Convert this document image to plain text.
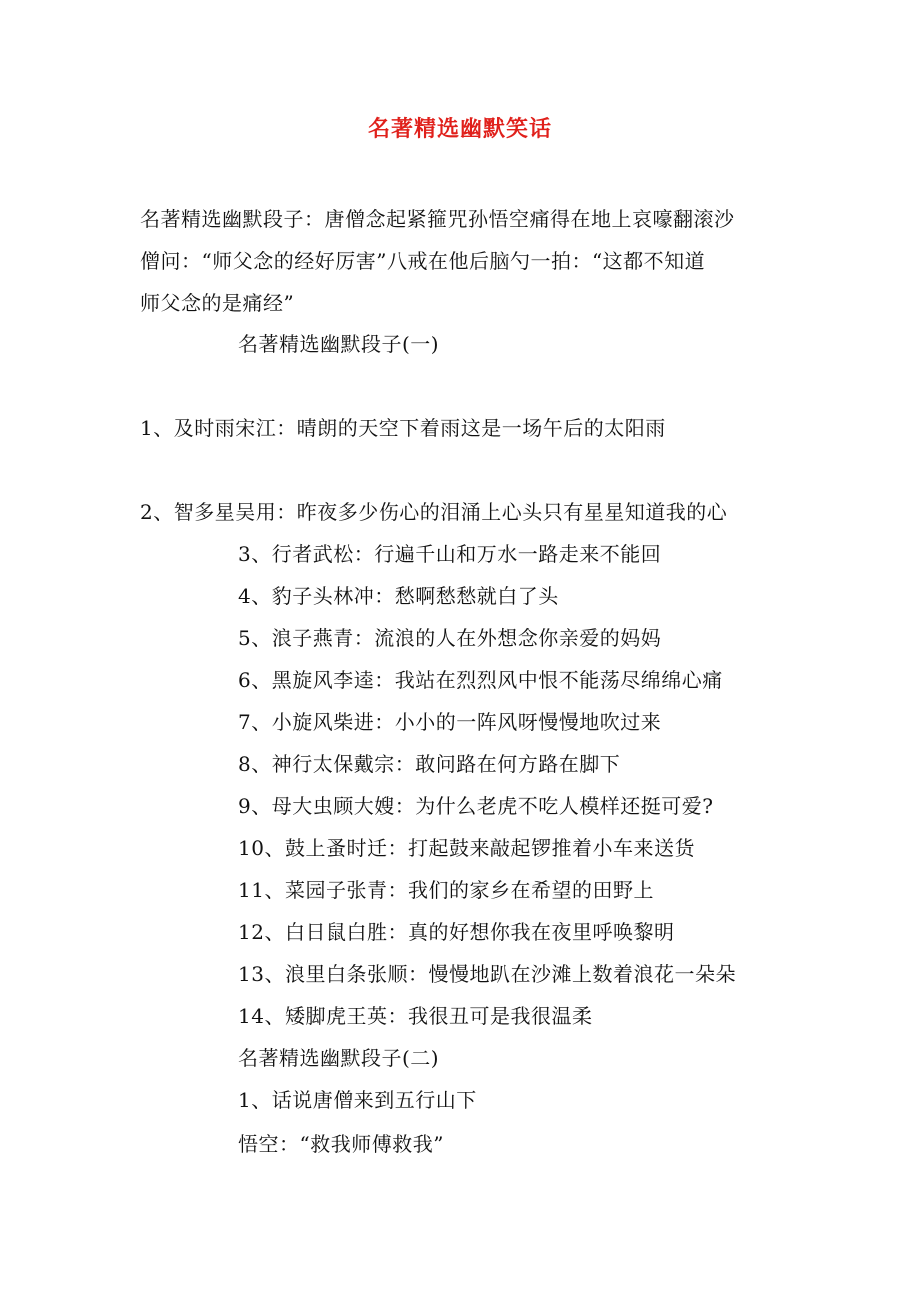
名著精选幽默笑话
名著精选幽默段子：唐僧念起紧箍咒孙悟空痛得在地上哀嚎翻滚沙
僧问：“师父念的经好厉害”八戒在他后脑勺一拍：“这都不知道
师父念的是痛经”

名著精选幽默段子(一)

1、及时雨宋江：晴朗的天空下着雨这是一场午后的太阳雨

2、智多星吴用：昨夜多少伤心的泪涌上心头只有星星知道我的心

3、行者武松：行遍千山和万水一路走来不能回

4、豹子头林冲：愁啊愁愁就白了头

5、浪子燕青：流浪的人在外想念你亲爱的妈妈

6、黑旋风李逵：我站在烈烈风中恨不能荡尽绵绵心痛

7、小旋风柴进：小小的一阵风呀慢慢地吹过来

8、神行太保戴宗：敢问路在何方路在脚下

9、母大虫顾大嫂：为什么老虎不吃人模样还挺可爱?

10、鼓上蚤时迁：打起鼓来敲起锣推着小车来送货

11、菜园子张青：我们的家乡在希望的田野上

12、白日鼠白胜：真的好想你我在夜里呼唤黎明

13、浪里白条张顺：慢慢地趴在沙滩上数着浪花一朵朵

14、矮脚虎王英：我很丑可是我很温柔

名著精选幽默段子(二)

1、话说唐僧来到五行山下

悟空：“救我师傅救我”
